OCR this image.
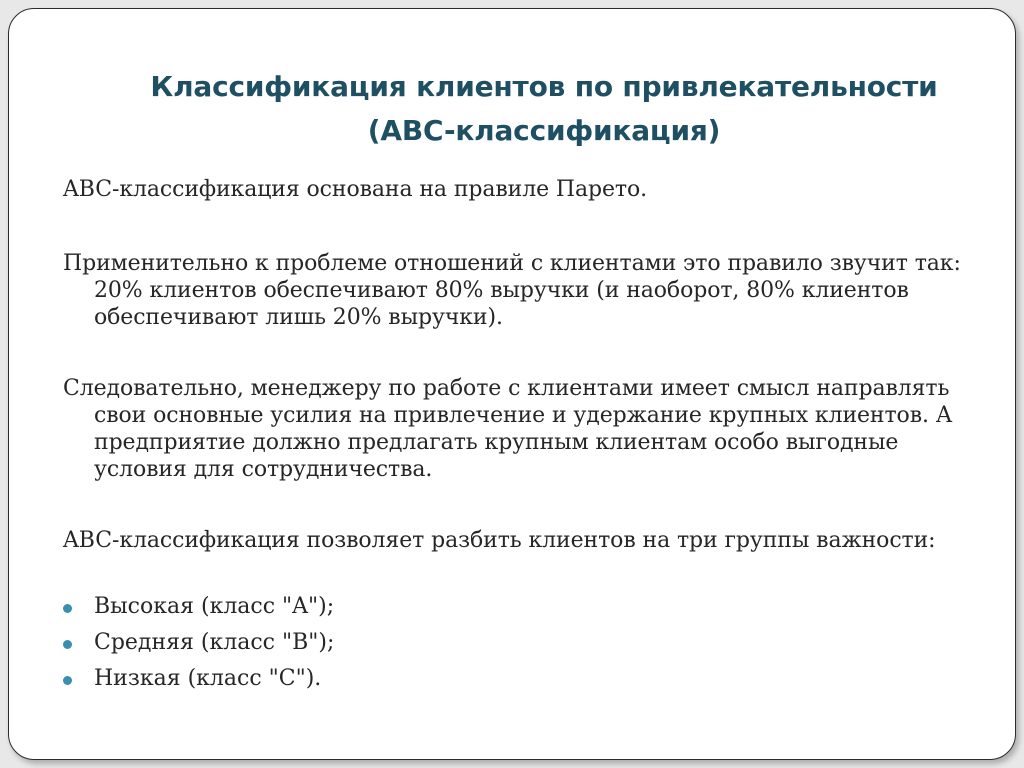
Классификация клиентов по привлекательности
(ABC-классификация)

ABC-классификация основана на правиле Парето.

Применительно к проблеме отношений с клиентами это правило звучит так: 20% клиентов обеспечивают 80% выручки (и наоборот, 80% клиентов обеспечивают лишь 20% выручки).

Следовательно, менеджеру по работе с клиентами имеет смысл направлять свои основные усилия на привлечение и удержание крупных клиентов. А предприятие должно предлагать крупным клиентам особо выгодные условия для сотрудничества.

ABC-классификация позволяет разбить клиентов на три группы важности:

Высокая (класс "A");
Средняя (класс "B");
Низкая (класс "C").
